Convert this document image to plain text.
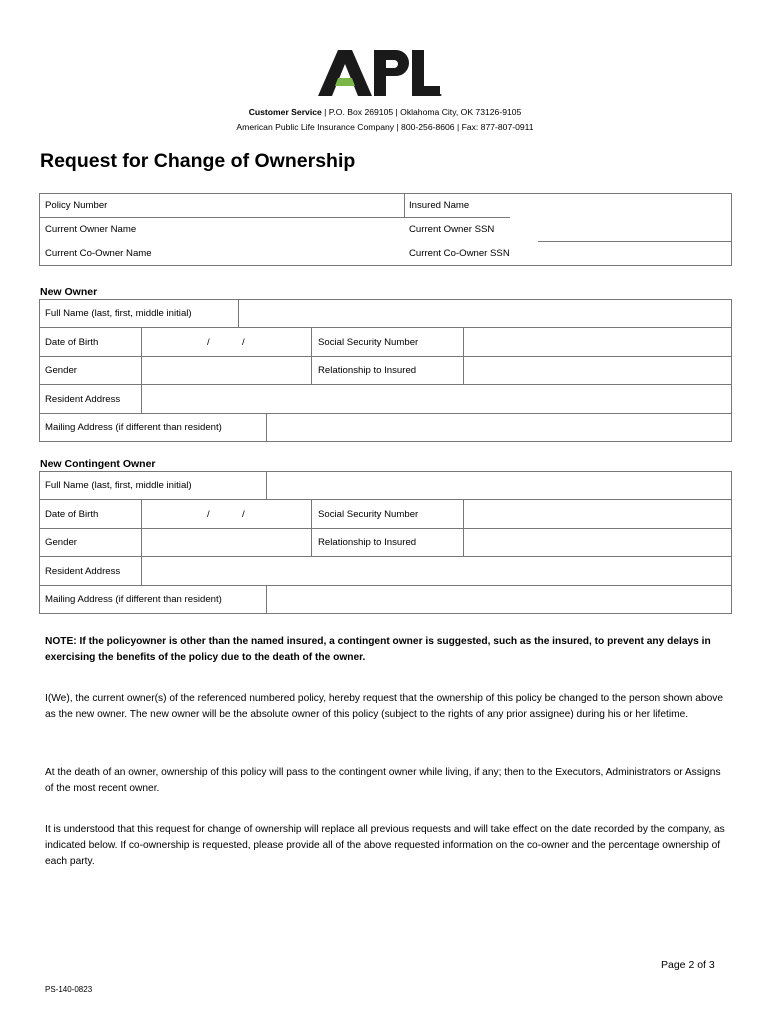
Customer Service | P.O. Box 269105 | Oklahoma City, OK 73126-9105
American Public Life Insurance Company | 800-256-8606 | Fax: 877-807-0911
Request for Change of Ownership
Policy Number	Insured Name
Current Owner Name	Current Owner SSN
Current Co-Owner Name	Current Co-Owner SSN
New Owner
Full Name (last, first, middle initial)
Date of Birth	/	/	Social Security Number
Gender	Relationship to Insured
Resident Address
Mailing Address (if different than resident)
New Contingent Owner
Full Name (last, first, middle initial)
Date of Birth	/	/	Social Security Number
Gender	Relationship to Insured
Resident Address
Mailing Address (if different than resident)
NOTE: If the policyowner is other than the named insured, a contingent owner is suggested, such as the insured, to prevent any delays in exercising the benefits of the policy due to the death of the owner.
I(We), the current owner(s) of the referenced numbered policy, hereby request that the ownership of this policy be changed to the person shown above as the new owner. The new owner will be the absolute owner of this policy (subject to the rights of any prior assignee) during his or her lifetime.
At the death of an owner, ownership of this policy will pass to the contingent owner while living, if any; then to the Executors, Administrators or Assigns of the most recent owner.
It is understood that this request for change of ownership will replace all previous requests and will take effect on the date recorded by the company, as indicated below. If co-ownership is requested, please provide all of the above requested information on the co-owner and the percentage ownership of each party.
Page 2 of 3
PS-140-0823
